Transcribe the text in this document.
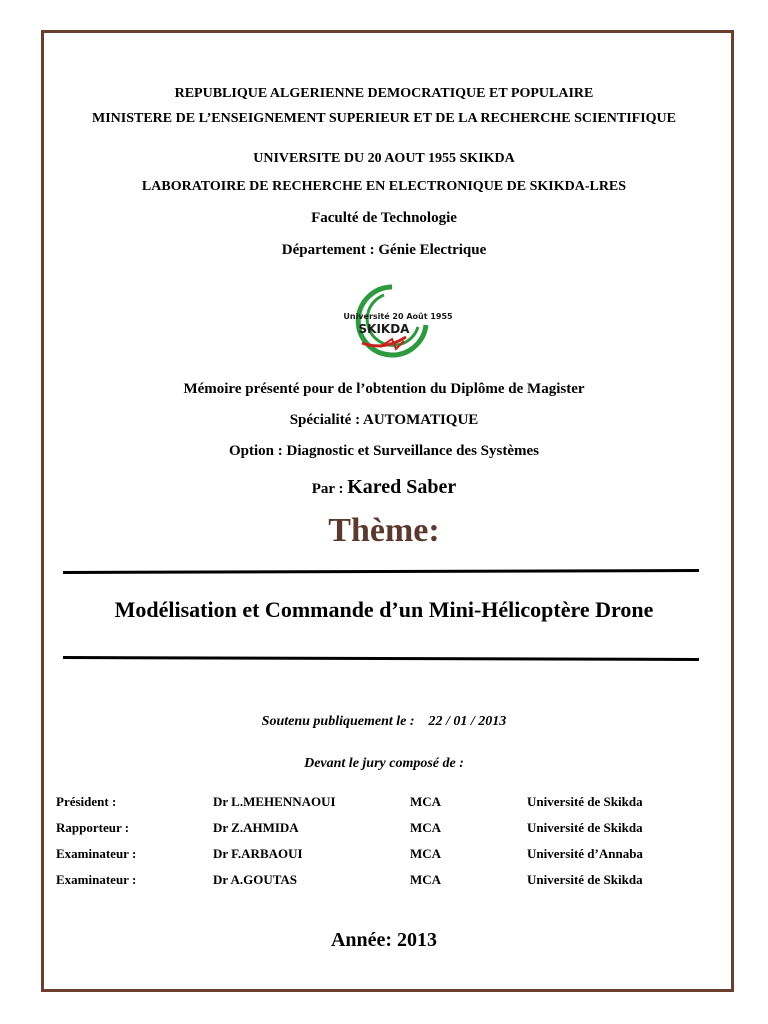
REPUBLIQUE ALGERIENNE DEMOCRATIQUE ET POPULAIRE
MINISTERE DE L’ENSEIGNEMENT SUPERIEUR ET DE LA RECHERCHE SCIENTIFIQUE
UNIVERSITE DU 20 AOUT 1955 SKIKDA
LABORATOIRE DE RECHERCHE EN ELECTRONIQUE DE SKIKDA-LRES
Faculté de Technologie
Département : Génie Electrique
Université 20 Août 1955
SKIKDA
Mémoire présenté pour de l’obtention du Diplôme de Magister
Spécialité : AUTOMATIQUE
Option : Diagnostic et Surveillance des Systèmes
Par : Kared Saber
Thème:
Modélisation et Commande d’un Mini-Hélicoptère Drone
Soutenu publiquement le : 22 / 01 / 2013
Devant le jury composé de :
Président :	Dr L.MEHENNAOUI	MCA	Université de Skikda
Rapporteur :	Dr Z.AHMIDA	MCA	Université de Skikda
Examinateur :	Dr F.ARBAOUI	MCA	Université d’Annaba
Examinateur :	Dr A.GOUTAS	MCA	Université de Skikda
Année: 2013
